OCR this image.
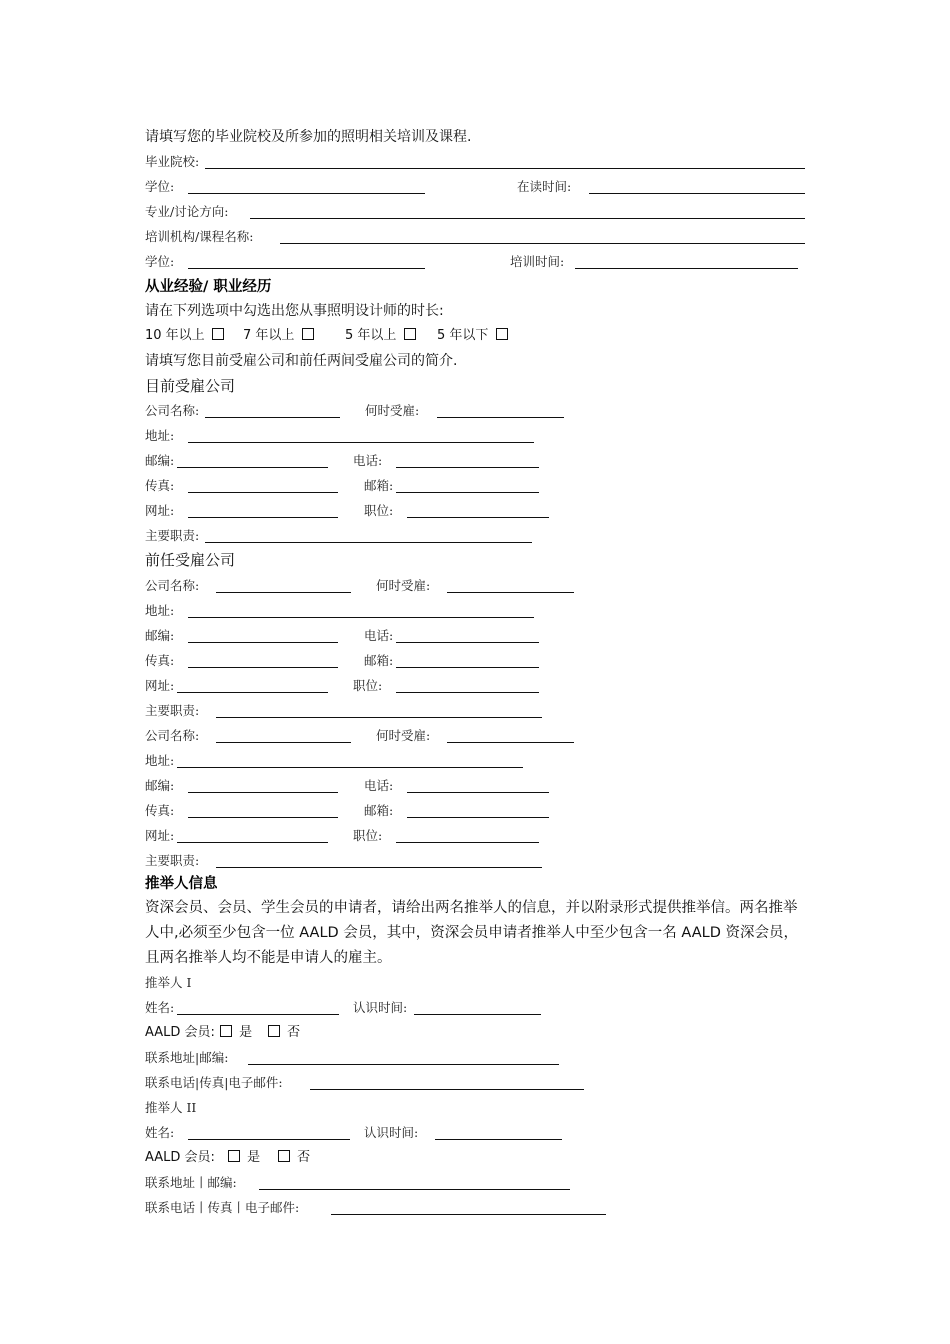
请填写您的毕业院校及所参加的照明相关培训及课程.
毕业院校:
学位:	在读时间:
专业/讨论方向:
培训机构/课程名称:
学位:	培训时间:
从业经验/ 职业经历
请在下列选项中勾选出您从事照明设计师的时长:
10 年以上	7 年以上	5 年以上	5 年以下
请填写您目前受雇公司和前任两间受雇公司的简介.
目前受雇公司
公司名称:	何时受雇:
地址:
邮编:	电话:
传真:	邮箱:
网址:	职位:
主要职责:
前任受雇公司
公司名称:	何时受雇:
地址:
邮编:	电话:
传真:	邮箱:
网址:	职位:
主要职责:
公司名称:	何时受雇:
地址:
邮编:	电话:
传真:	邮箱:
网址:	职位:
主要职责:
推举人信息
资深会员、会员、学生会员的申请者，请给出两名推举人的信息，并以附录形式提供推举信。两名推举人中,必须至少包含一位 AALD 会员，其中，资深会员申请者推举人中至少包含一名 AALD 资深会员，且两名推举人均不能是申请人的雇主。
推举人 I
姓名:	认识时间:
AALD 会员:	是	否
联系地址|邮编:
联系电话|传真|电子邮件:
推举人 II
姓名:	认识时间:
AALD 会员:	是	否
联系地址丨邮编:
联系电话丨传真丨电子邮件:
